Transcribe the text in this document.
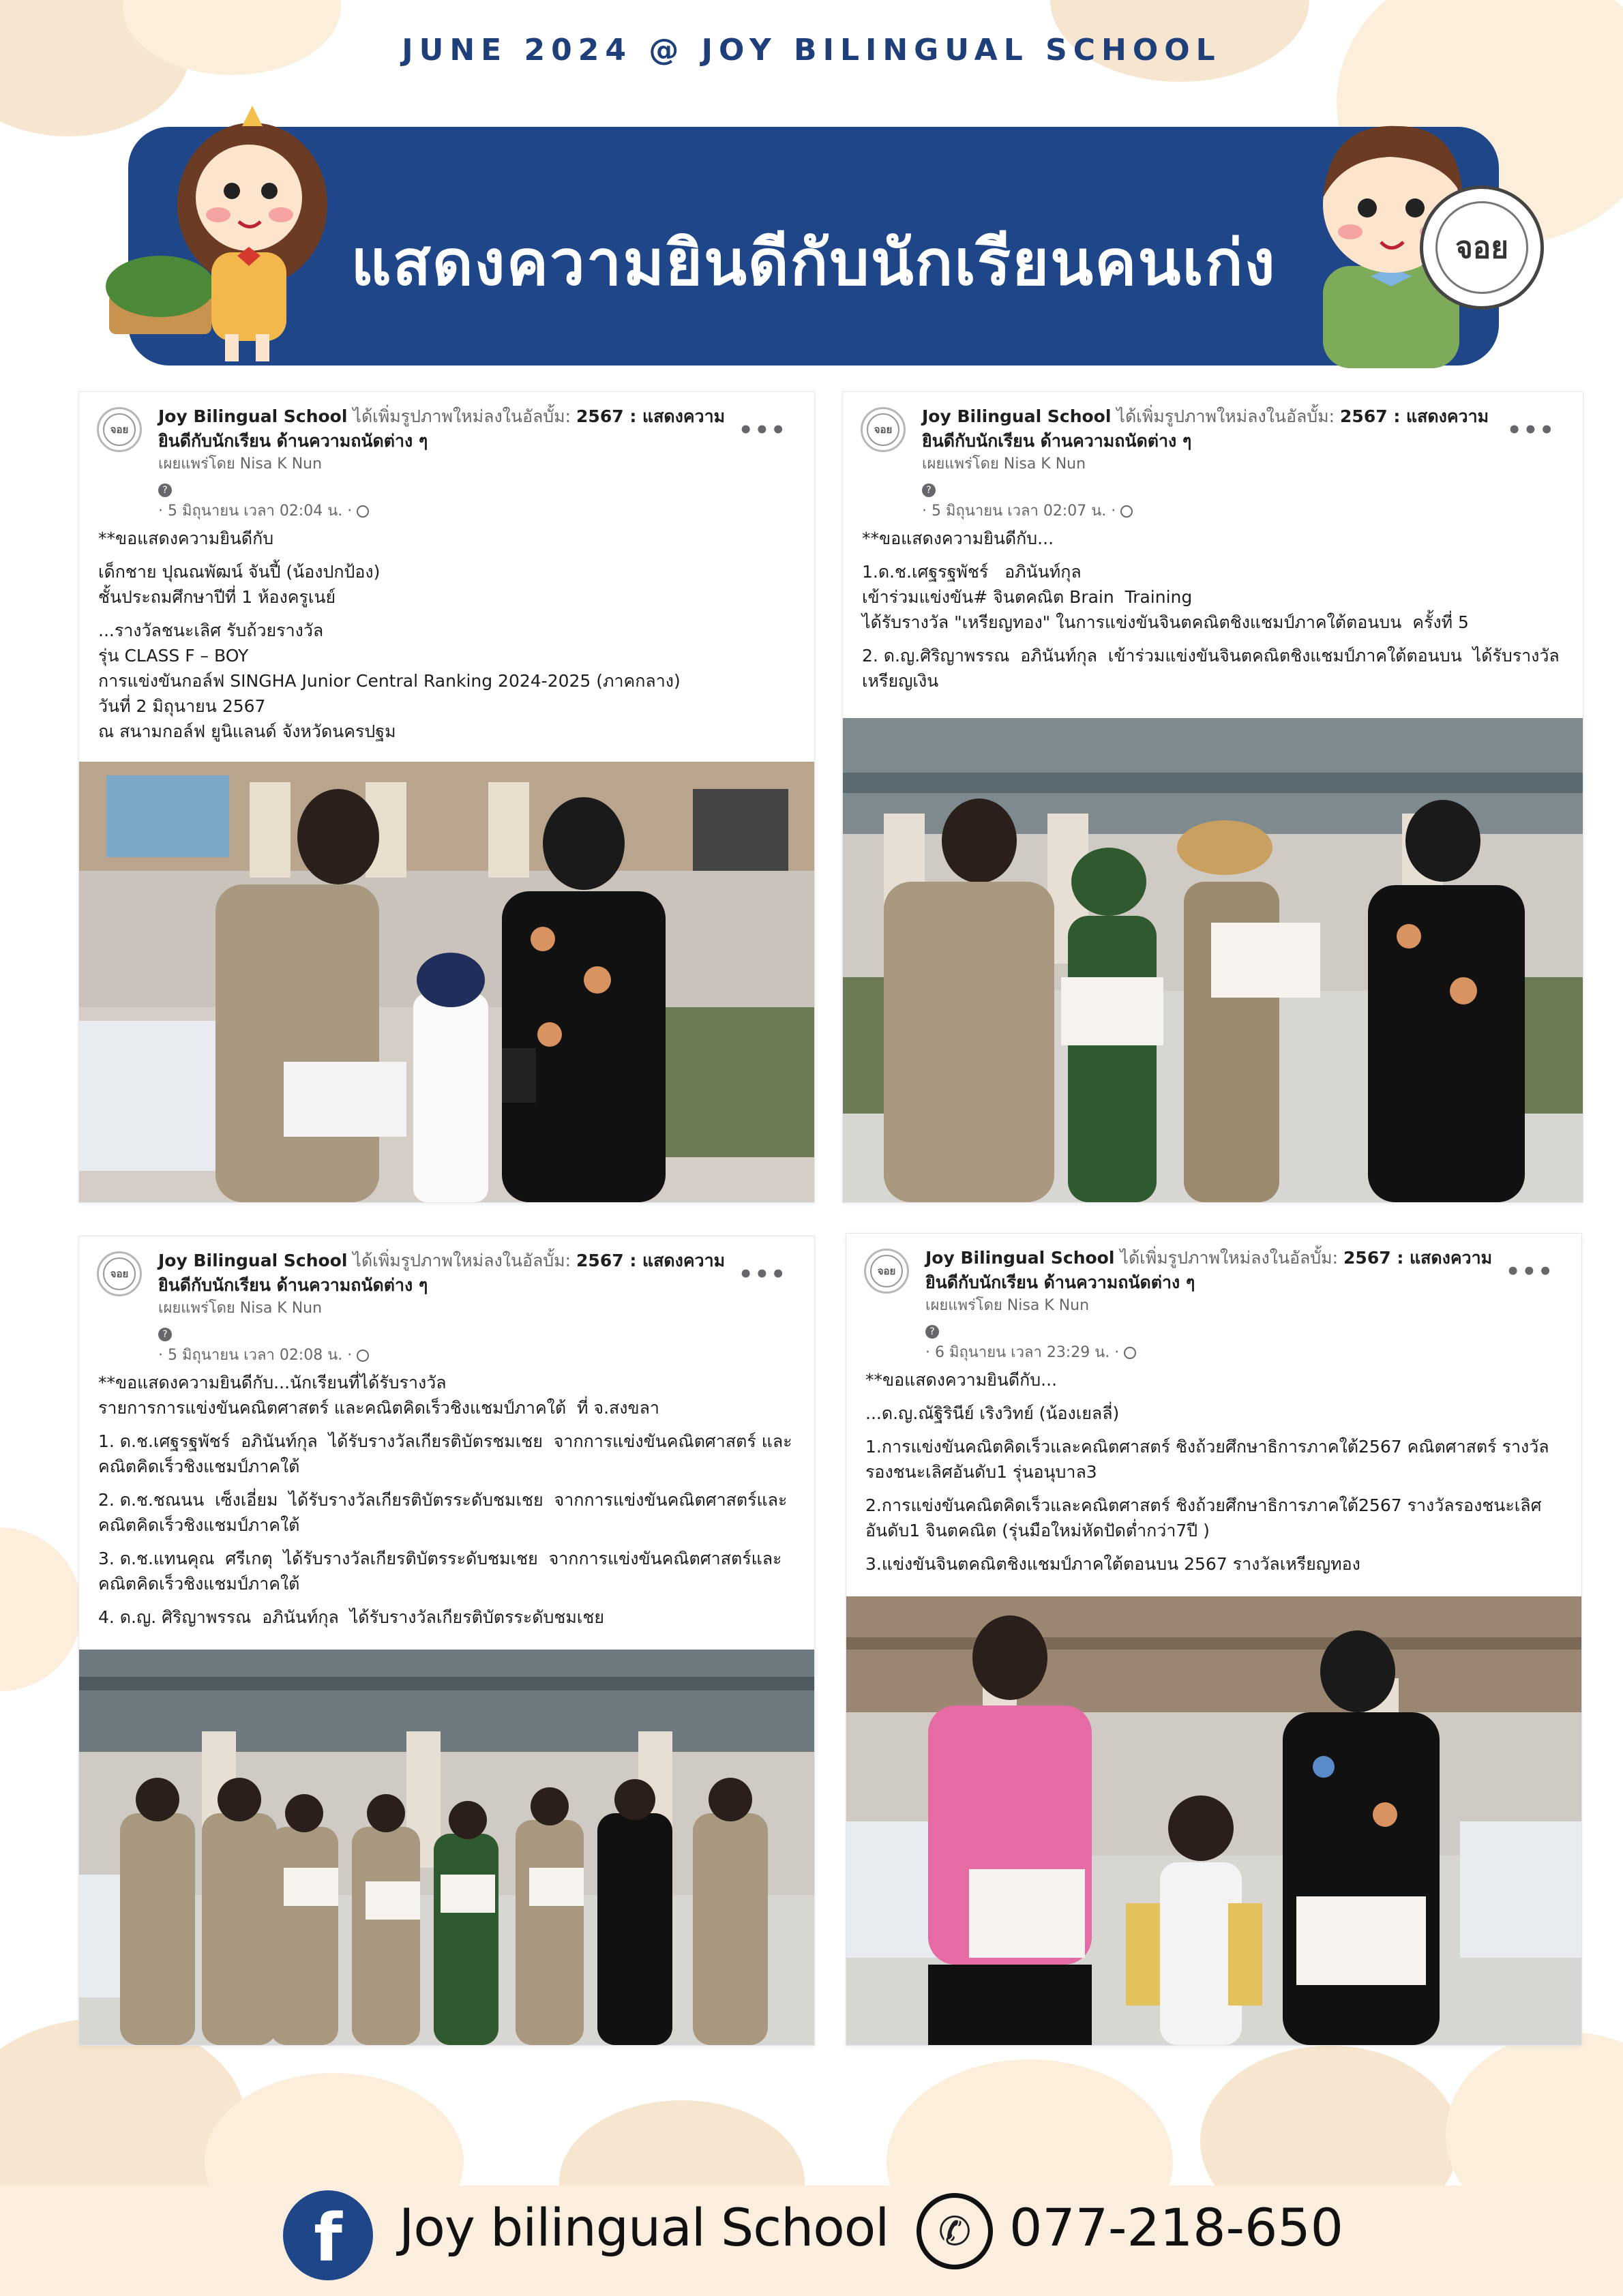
JUNE 2024 @ JOY BILINGUAL SCHOOL
แสดงความยินดีกับนักเรียนคนเก่ง	จอย
จอย
Joy Bilingual School ได้เพิ่มรูปภาพใหม่ลงในอัลบั้ม: 2567 : แสดงความยินดีกับนักเรียน ด้านความถนัดต่าง ๆ
เผยแพร่โดย Nisa K Nun
?
· 5 มิถุนายน เวลา 02:04 น. ·
•••

**ขอแสดงความยินดีกับ

เด็กชาย ปุณณพัฒน์ จันปี้ (น้องปกป้อง)
ชั้นประถมศึกษาปีที่ 1 ห้องครูเนย์

...รางวัลชนะเลิศ รับถ้วยรางวัล
รุ่น CLASS F – BOY
การแข่งขันกอล์ฟ SINGHA Junior Central Ranking 2024-2025 (ภาคกลาง)
วันที่ 2 มิถุนายน 2567
ณ สนามกอล์ฟ ยูนิแลนด์ จังหวัดนครปฐม

จอย
Joy Bilingual School ได้เพิ่มรูปภาพใหม่ลงในอัลบั้ม: 2567 : แสดงความยินดีกับนักเรียน ด้านความถนัดต่าง ๆ
เผยแพร่โดย Nisa K Nun
?
· 5 มิถุนายน เวลา 02:07 น. ·
•••

**ขอแสดงความยินดีกับ...

1.ด.ช.เศฐรฐพัชร์   อภินันท์กุล
เข้าร่วมแข่งขัน# จินตคณิต Brain  Training
ได้รับรางวัล "เหรียญทอง" ในการแข่งขันจินตคณิตชิงแชมป์ภาคใต้ตอนบน  ครั้งที่ 5

2. ด.ญ.ศิริญาพรรณ  อภินันท์กุล  เข้าร่วมแข่งขันจินตคณิตชิงแชมป์ภาคใต้ตอนบน  ได้รับรางวัล เหรียญเงิน

จอย
Joy Bilingual School ได้เพิ่มรูปภาพใหม่ลงในอัลบั้ม: 2567 : แสดงความยินดีกับนักเรียน ด้านความถนัดต่าง ๆ
เผยแพร่โดย Nisa K Nun
?
· 5 มิถุนายน เวลา 02:08 น. ·
•••

**ขอแสดงความยินดีกับ...นักเรียนที่ได้รับรางวัล
รายการการแข่งขันคณิตศาสตร์ และคณิตคิดเร็วชิงแชมป์ภาคใต้  ที่ จ.สงขลา

1. ด.ช.เศฐรฐพัชร์  อภินันท์กุล  ได้รับรางวัลเกียรติบัตรชมเชย  จากการแข่งขันคณิตศาสตร์ และคณิตคิดเร็วชิงแชมป์ภาคใต้

2. ด.ช.ชณนน  เซ็งเอี่ยม  ได้รับรางวัลเกียรติบัตรระดับชมเชย  จากการแข่งขันคณิตศาสตร์และคณิตคิดเร็วชิงแชมป์ภาคใต้

3. ด.ช.แทนคุณ  ศรีเกตุ  ได้รับรางวัลเกียรติบัตรระดับชมเชย  จากการแข่งขันคณิตศาสตร์และคณิตคิดเร็วชิงแชมป์ภาคใต้

4. ด.ญ. ศิริญาพรรณ  อภินันท์กุล  ได้รับรางวัลเกียรติบัตรระดับชมเชย

จอย
Joy Bilingual School ได้เพิ่มรูปภาพใหม่ลงในอัลบั้ม: 2567 : แสดงความยินดีกับนักเรียน ด้านความถนัดต่าง ๆ
เผยแพร่โดย Nisa K Nun
?
· 6 มิถุนายน เวลา 23:29 น. ·
•••

**ขอแสดงความยินดีกับ...

...ด.ญ.ณัฐิรินีย์ เริงวิทย์ (น้องเยลลี่)

1.การแข่งขันคณิตคิดเร็วและคณิตศาสตร์ ชิงถ้วยศึกษาธิการภาคใต้2567 คณิตศาสตร์ รางวัลรองชนะเลิศอันดับ1 รุ่นอนุบาล3

2.การแข่งขันคณิตคิดเร็วและคณิตศาสตร์ ชิงถ้วยศึกษาธิการภาคใต้2567 รางวัลรองชนะเลิศอันดับ1 จินตคณิต (รุ่นมือใหม่หัดปัดต่ำกว่า7ปี )

3.แข่งขันจินตคณิตชิงแชมป์ภาคใต้ตอนบน 2567 รางวัลเหรียญทอง

f	Joy bilingual School	✆ 077-218-650
